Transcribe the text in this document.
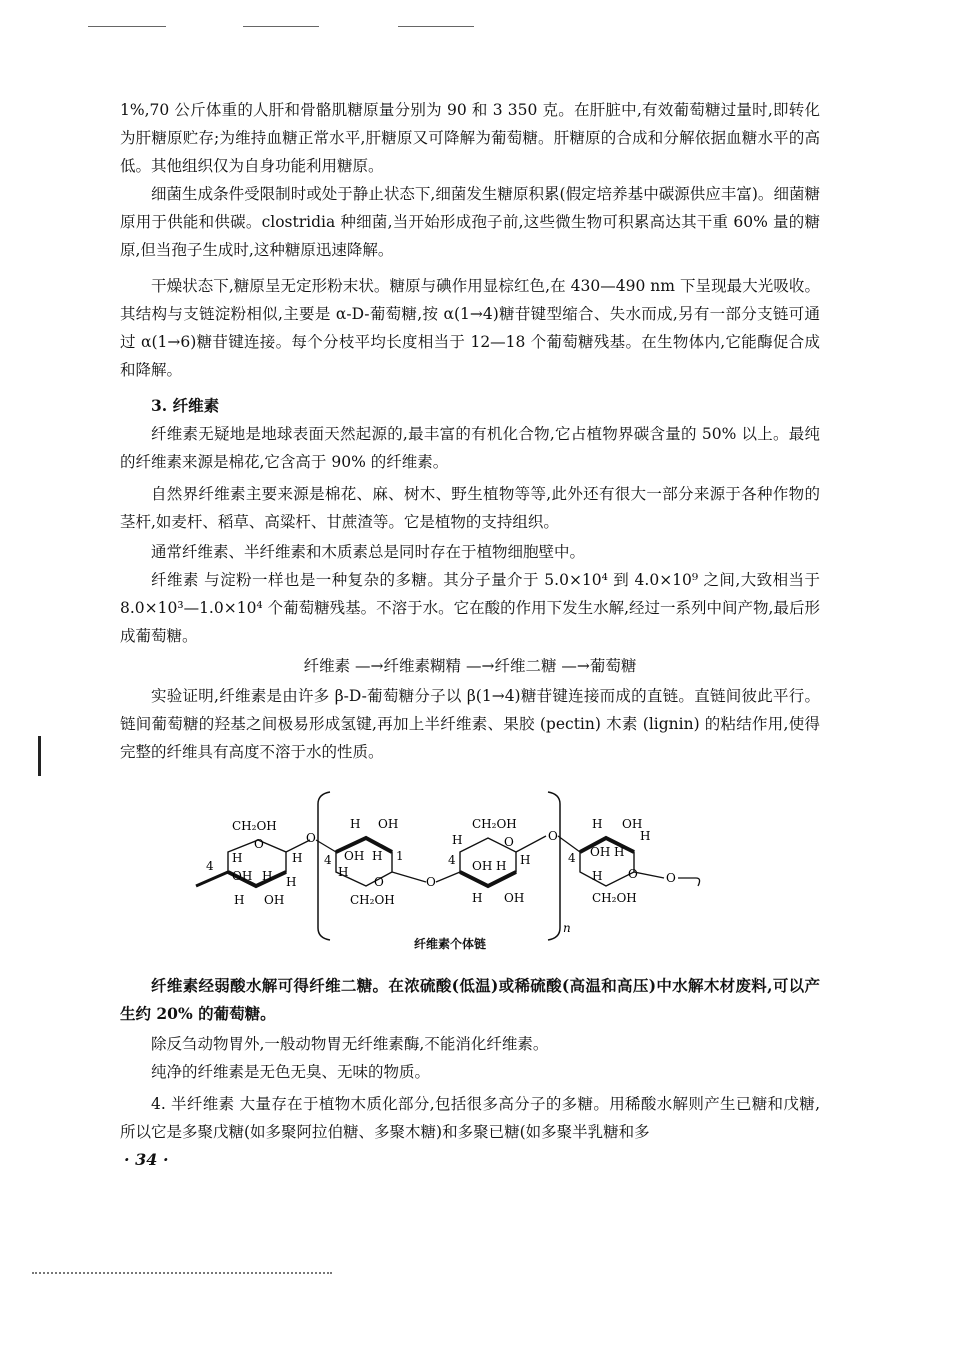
1%,70 公斤体重的人肝和骨骼肌糖原量分别为 90 和 3 350 克。在肝脏中,有效葡萄糖过量时,即转化为肝糖原贮存;为维持血糖正常水平,肝糖原又可降解为葡萄糖。肝糖原的合成和分解依据血糖水平的高低。其他组织仅为自身功能利用糖原。

细菌生成条件受限制时或处于静止状态下,细菌发生糖原积累(假定培养基中碳源供应丰富)。细菌糖原用于供能和供碳。clostridia 种细菌,当开始形成孢子前,这些微生物可积累高达其干重 60% 量的糖原,但当孢子生成时,这种糖原迅速降解。

干燥状态下,糖原呈无定形粉末状。糖原与碘作用显棕红色,在 430—490 nm 下呈现最大光吸收。其结构与支链淀粉相似,主要是 α-D-葡萄糖,按 α(1→4)糖苷键型缩合、失水而成,另有一部分支链可通过 α(1→6)糖苷键连接。每个分枝平均长度相当于 12—18 个葡萄糖残基。在生物体内,它能酶促合成和降解。

3. 纤维素

纤维素无疑地是地球表面天然起源的,最丰富的有机化合物,它占植物界碳含量的 50% 以上。最纯的纤维素来源是棉花,它含高于 90% 的纤维素。

自然界纤维素主要来源是棉花、麻、树木、野生植物等等,此外还有很大一部分来源于各种作物的茎杆,如麦杆、稻草、高粱杆、甘蔗渣等。它是植物的支持组织。

通常纤维素、半纤维素和木质素总是同时存在于植物细胞壁中。

纤维素 与淀粉一样也是一种复杂的多糖。其分子量介于 5.0×10⁴ 到 4.0×10⁹ 之间,大致相当于 8.0×10³—1.0×10⁴ 个葡萄糖残基。不溶于水。它在酸的作用下发生水解,经过一系列中间产物,最后形成葡萄糖。

纤维素 —→纤维素糊精 —→纤维二糖 —→葡萄糖

实验证明,纤维素是由许多 β-D-葡萄糖分子以 β(1→4)糖苷键连接而成的直链。直链间彼此平行。链间葡萄糖的羟基之间极易形成氢键,再加上半纤维素、果胶 (pectin) 木素 (lignin) 的粘结作用,使得完整的纤维具有高度不溶于水的性质。

n
CH₂OH
O
H
OH H
H OH
4
H
H
O
H OH
OH H
H
O
CH₂OH
4	1
O
CH₂OH
O
H
OH H
H OH
4	H
O
H OH
OH H
H
H O
CH₂OH
4
O
纤维素个体链

纤维素经弱酸水解可得纤维二糖。在浓硫酸(低温)或稀硫酸(高温和高压)中水解木材废料,可以产生约 20% 的葡萄糖。

除反刍动物胃外,一般动物胃无纤维素酶,不能消化纤维素。

纯净的纤维素是无色无臭、无味的物质。

4. 半纤维素 大量存在于植物木质化部分,包括很多高分子的多糖。用稀酸水解则产生已糖和戊糖,所以它是多聚戊糖(如多聚阿拉伯糖、多聚木糖)和多聚已糖(如多聚半乳糖和多

· 34 ·
